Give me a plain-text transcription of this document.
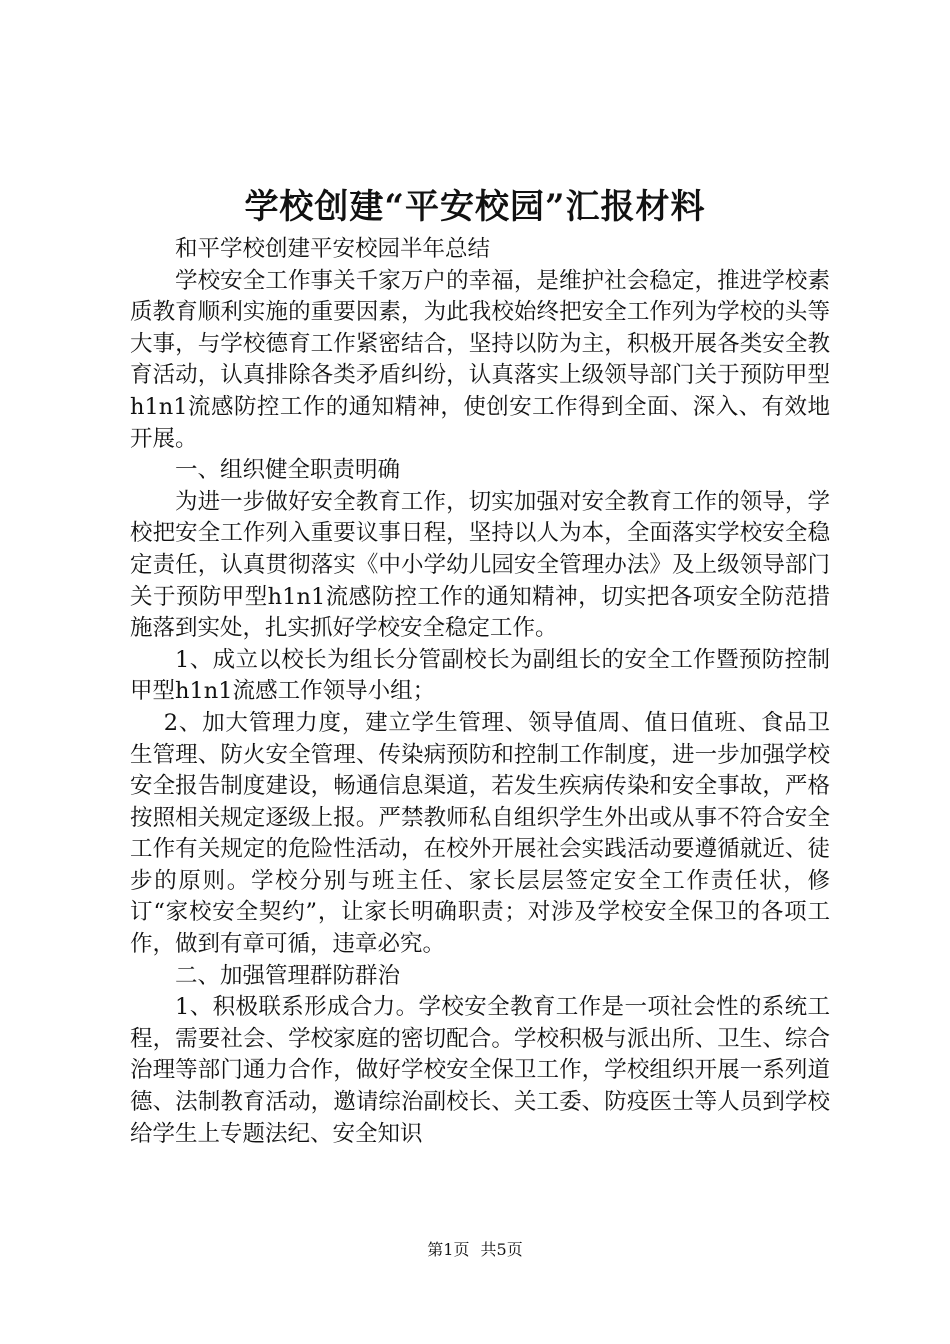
学校创建“平安校园”汇报材料

和平学校创建平安校园半年总结

学校安全工作事关千家万户的幸福，是维护社会稳定，推进学校素质教育顺利实施的重要因素，为此我校始终把安全工作列为学校的头等大事，与学校德育工作紧密结合，坚持以防为主，积极开展各类安全教育活动，认真排除各类矛盾纠纷，认真落实上级领导部门关于预防甲型h1n1流感防控工作的通知精神，使创安工作得到全面、深入、有效地开展。

一、组织健全职责明确

为进一步做好安全教育工作，切实加强对安全教育工作的领导，学校把安全工作列入重要议事日程，坚持以人为本，全面落实学校安全稳定责任，认真贯彻落实《中小学幼儿园安全管理办法》及上级领导部门关于预防甲型h1n1流感防控工作的通知精神，切实把各项安全防范措施落到实处，扎实抓好学校安全稳定工作。

1、成立以校长为组长分管副校长为副组长的安全工作暨预防控制甲型h1n1流感工作领导小组；

2、加大管理力度，建立学生管理、领导值周、值日值班、食品卫生管理、防火安全管理、传染病预防和控制工作制度，进一步加强学校安全报告制度建设，畅通信息渠道，若发生疾病传染和安全事故，严格按照相关规定逐级上报。严禁教师私自组织学生外出或从事不符合安全工作有关规定的危险性活动，在校外开展社会实践活动要遵循就近、徒步的原则。学校分别与班主任、家长层层签定安全工作责任状，修订“家校安全契约”，让家长明确职责；对涉及学校安全保卫的各项工作，做到有章可循，违章必究。

二、加强管理群防群治

1、积极联系形成合力。学校安全教育工作是一项社会性的系统工程，需要社会、学校家庭的密切配合。学校积极与派出所、卫生、综合治理等部门通力合作，做好学校安全保卫工作，学校组织开展一系列道德、法制教育活动，邀请综治副校长、关工委、防疫医士等人员到学校给学生上专题法纪、安全知识

第1页 共5页
